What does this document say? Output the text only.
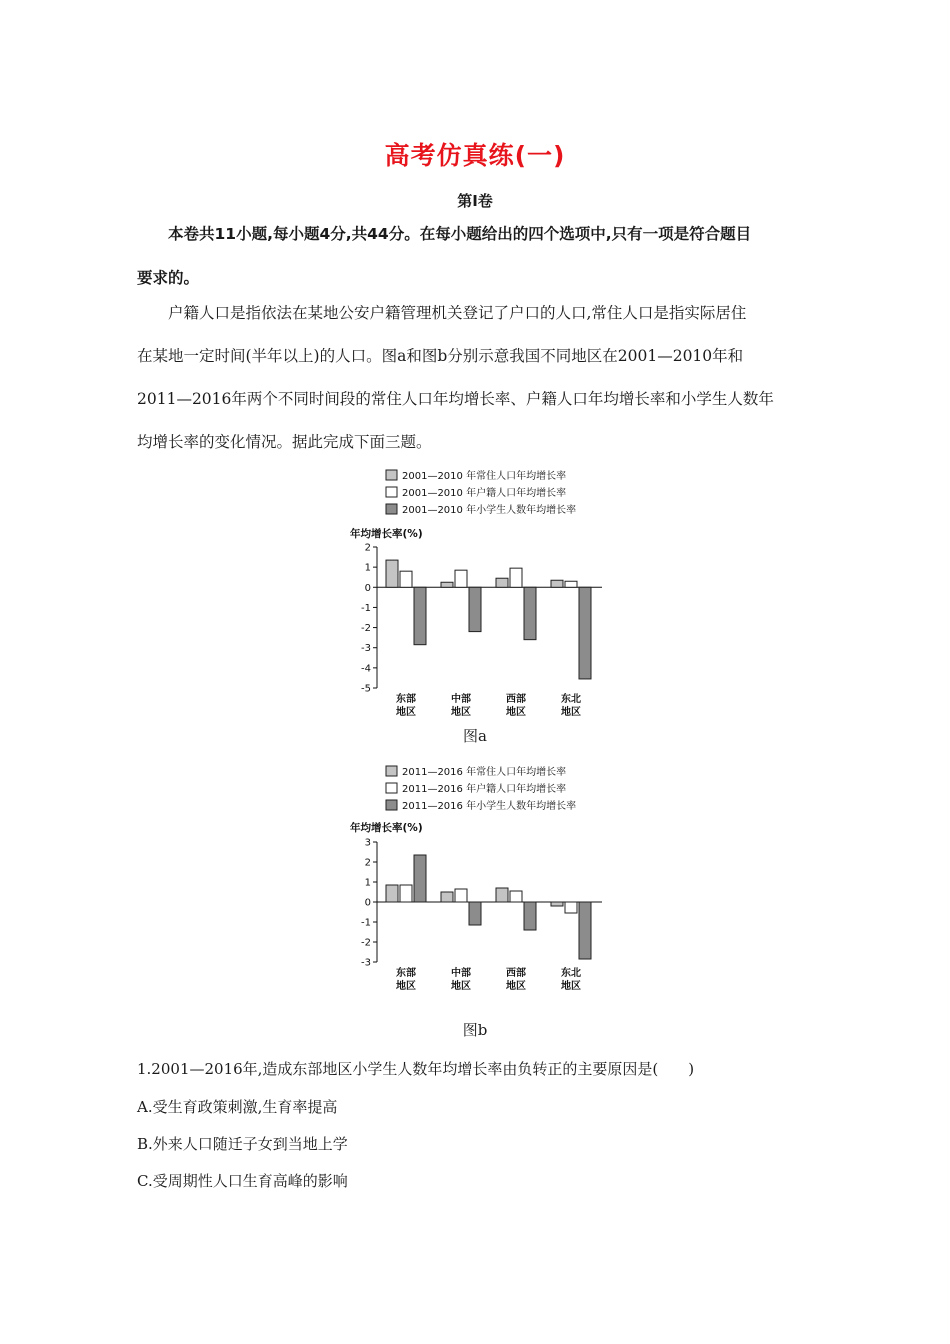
高考仿真练(一)
第Ⅰ卷
本卷共11小题,每小题4分,共44分。在每小题给出的四个选项中,只有一项是符合题目
要求的。

户籍人口是指依法在某地公安户籍管理机关登记了户口的人口,常住人口是指实际居住

在某地一定时间(半年以上)的人口。图a和图b分别示意我国不同地区在2001—2010年和

2011—2016年两个不同时间段的常住人口年均增长率、户籍人口年均增长率和小学生人数年

均增长率的变化情况。据此完成下面三题。

2001—2010 年常住人口年均增长率
2001—2010 年户籍人口年均增长率
2001—2010 年小学生人数年均增长率
年均增长率(%)
2
1
0
-1
-2
-3
-4
-5
东部
地区
中部
地区
西部
地区
东北
地区
图a
2011—2016 年常住人口年均增长率
2011—2016 年户籍人口年均增长率
2011—2016 年小学生人数年均增长率
年均增长率(%)
3
2
1
0
-1
-2
-3
东部
地区
中部
地区
西部
地区
东北
地区
图b
1.2001—2016年,造成东部地区小学生人数年均增长率由负转正的主要原因是(　　)
A.受生育政策刺激,生育率提高
B.外来人口随迁子女到当地上学
C.受周期性人口生育高峰的影响
